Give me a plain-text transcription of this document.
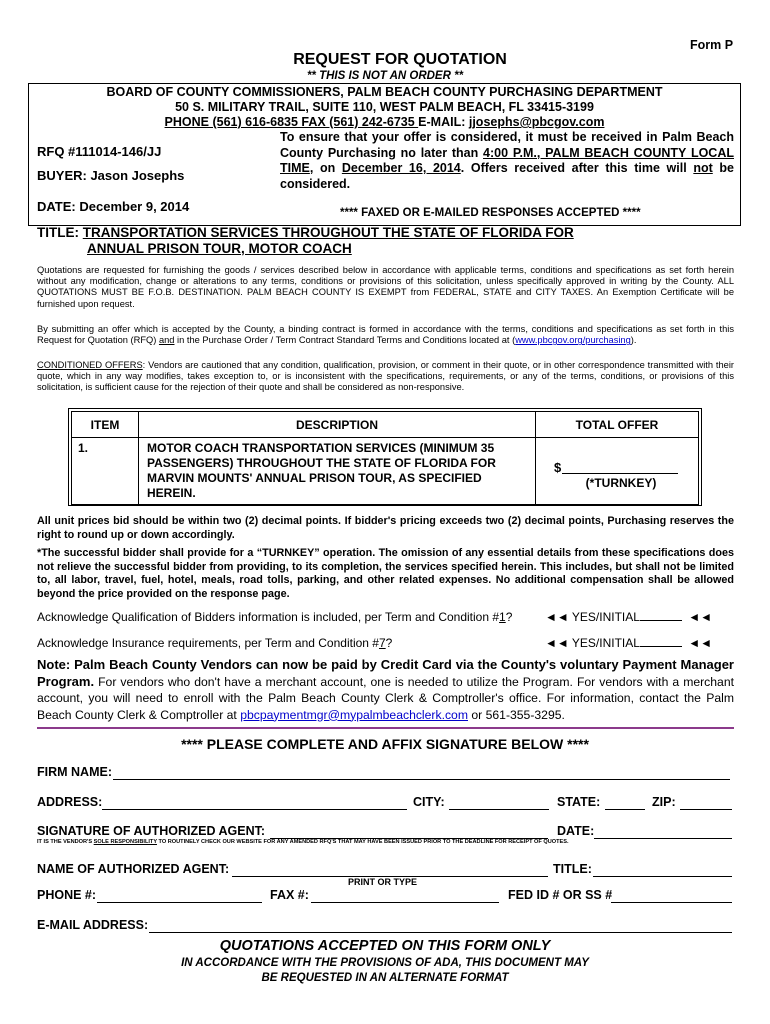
Form P
REQUEST FOR QUOTATION
** THIS IS NOT AN ORDER **
BOARD OF COUNTY COMMISSIONERS, PALM BEACH COUNTY PURCHASING DEPARTMENT
50 S. MILITARY TRAIL, SUITE 110, WEST PALM BEACH, FL 33415-3199
PHONE (561) 616-6835 FAX (561) 242-6735 E-MAIL: jjosephs@pbcgov.com
RFQ #111014-146/JJ
BUYER: Jason Josephs
DATE: December 9, 2014
To ensure that your offer is considered, it must be received in Palm Beach County Purchasing no later than 4:00 P.M., PALM BEACH COUNTY LOCAL TIME, on December 16, 2014. Offers received after this time will not be considered.
**** FAXED OR E-MAILED RESPONSES ACCEPTED ****
TITLE: TRANSPORTATION SERVICES THROUGHOUT THE STATE OF FLORIDA FOR
ANNUAL PRISON TOUR, MOTOR COACH
Quotations are requested for furnishing the goods / services described below in accordance with applicable terms, conditions and specifications as set forth herein without any modification, change or alterations to any terms, conditions or provisions of this solicitation, unless specifically approved in writing by the County. ALL QUOTATIONS MUST BE F.O.B. DESTINATION. PALM BEACH COUNTY IS EXEMPT from FEDERAL, STATE and CITY TAXES. An Exemption Certificate will be furnished upon request.
By submitting an offer which is accepted by the County, a binding contract is formed in accordance with the terms, conditions and specifications as set forth in this Request for Quotation (RFQ) and in the Purchase Order / Term Contract Standard Terms and Conditions located at (www.pbcgov.org/purchasing).
CONDITIONED OFFERS: Vendors are cautioned that any condition, qualification, provision, or comment in their quote, or in other correspondence transmitted with their quote, which in any way modifies, takes exception to, or is inconsistent with the specifications, requirements, or any of the terms, conditions, or provisions of this solicitation, is sufficient cause for the rejection of their quote and shall be considered as non-responsive.
ITEM	DESCRIPTION	TOTAL OFFER
1.	MOTOR COACH TRANSPORTATION SERVICES (MINIMUM 35 PASSENGERS) THROUGHOUT THE STATE OF FLORIDA FOR MARVIN MOUNTS' ANNUAL PRISON TOUR, AS SPECIFIED HEREIN.	$
(*TURNKEY)
All unit prices bid should be within two (2) decimal points. If bidder's pricing exceeds two (2) decimal points, Purchasing reserves the right to round up or down accordingly.
*The successful bidder shall provide for a “TURNKEY” operation. The omission of any essential details from these specifications does not relieve the successful bidder from providing, to its completion, the services specified herein. This includes, but shall not be limited to, all labor, travel, fuel, hotel, meals, road tolls, parking, and other related expenses. No additional compensation shall be allowed beyond the price provided on the response page.
Acknowledge Qualification of Bidders information is included, per Term and Condition #1?	◄◄ YES/INITIAL	◄◄
Acknowledge Insurance requirements, per Term and Condition #7?	◄◄ YES/INITIAL	◄◄
Note: Palm Beach County Vendors can now be paid by Credit Card via the County's voluntary Payment Manager Program. For vendors who don't have a merchant account, one is needed to utilize the Program. For vendors with a merchant account, you will need to enroll with the Palm Beach County Clerk & Comptroller's office. For information, contact the Palm Beach County Clerk & Comptroller at pbcpaymentmgr@mypalmbeachclerk.com or 561-355-3295.
**** PLEASE COMPLETE AND AFFIX SIGNATURE BELOW ****
FIRM NAME:
ADDRESS:	CITY:	STATE:	ZIP:
SIGNATURE OF AUTHORIZED AGENT:	DATE:
IT IS THE VENDOR'S SOLE RESPONSIBILITY TO ROUTINELY CHECK OUR WEBSITE FOR ANY AMENDED RFQ'S THAT MAY HAVE BEEN ISSUED PRIOR TO THE DEADLINE FOR RECEIPT OF QUOTES.
NAME OF AUTHORIZED AGENT:	TITLE:
PRINT OR TYPE
PHONE #:	FAX #:	FED ID # OR SS #
E-MAIL ADDRESS:
QUOTATIONS ACCEPTED ON THIS FORM ONLY
IN ACCORDANCE WITH THE PROVISIONS OF ADA, THIS DOCUMENT MAY
BE REQUESTED IN AN ALTERNATE FORMAT
